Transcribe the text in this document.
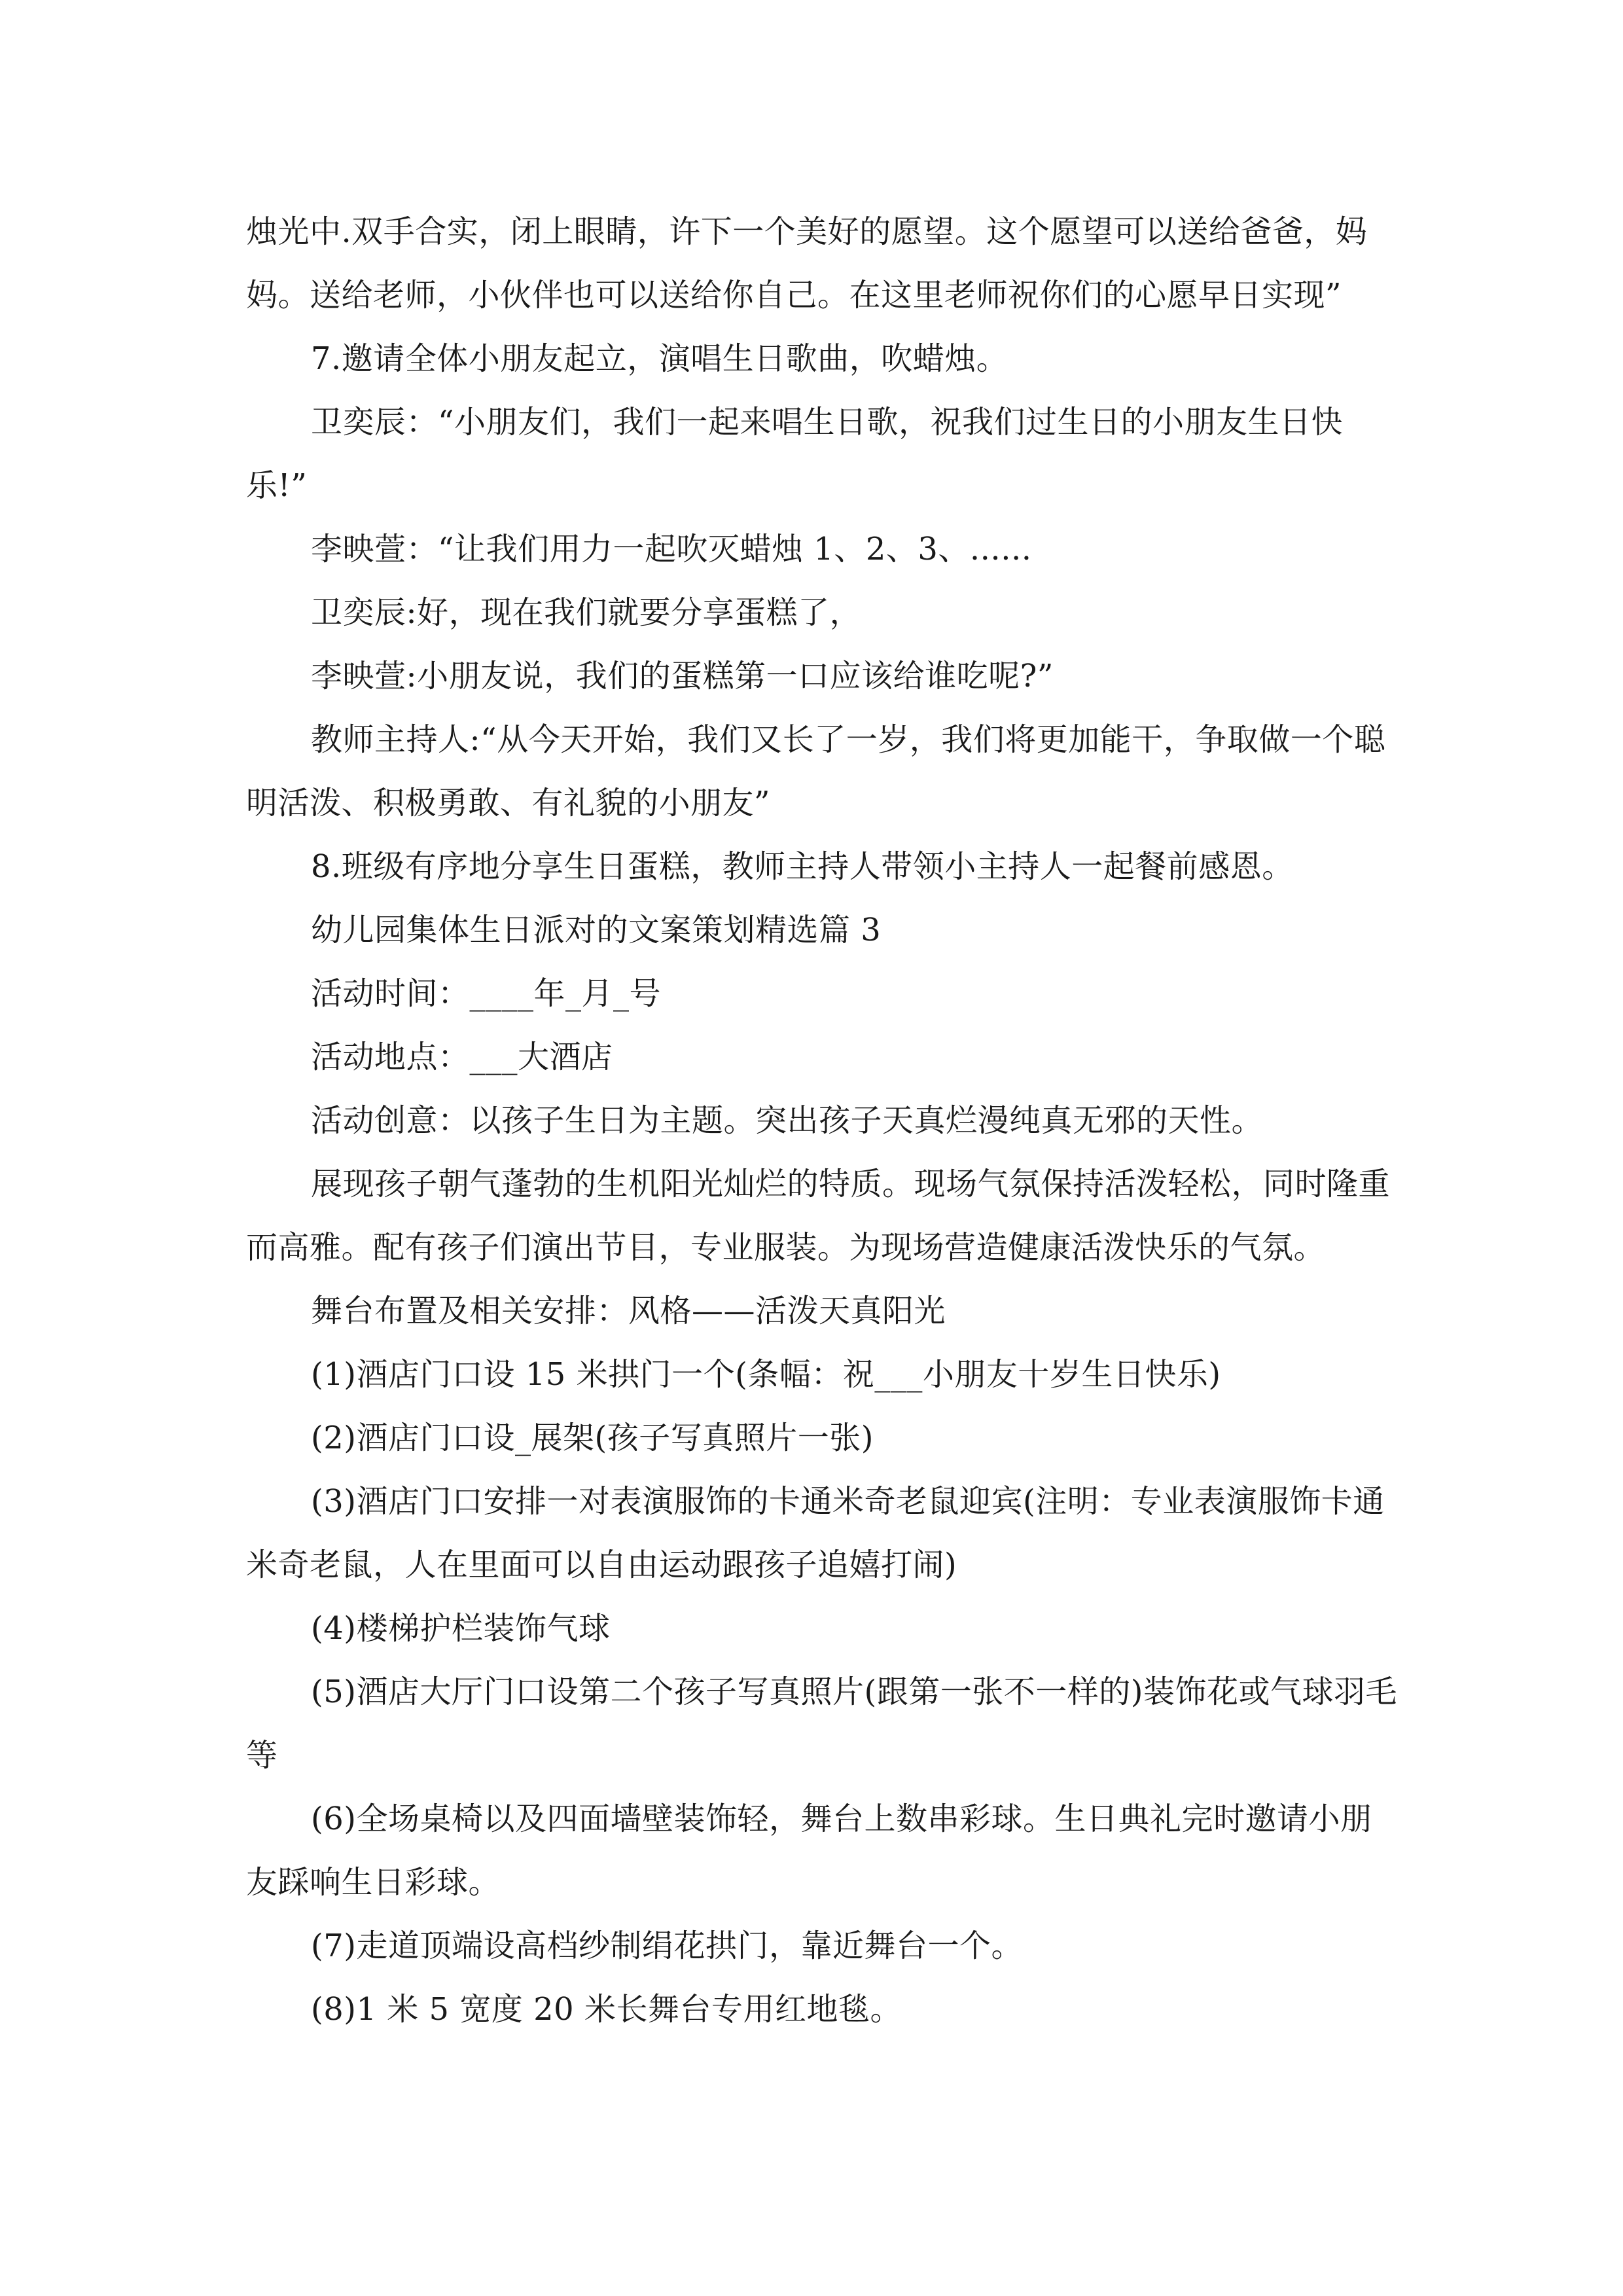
烛光中.双手合实，闭上眼睛，许下一个美好的愿望。这个愿望可以送给爸爸，妈妈。送给老师，小伙伴也可以送给你自己。在这里老师祝你们的心愿早日实现”

7.邀请全体小朋友起立，演唱生日歌曲，吹蜡烛。

卫奕辰：“小朋友们，我们一起来唱生日歌，祝我们过生日的小朋友生日快乐!”

李映萱：“让我们用力一起吹灭蜡烛 1、2、3、......

卫奕辰:好，现在我们就要分享蛋糕了，

李映萱:小朋友说，我们的蛋糕第一口应该给谁吃呢?”

教师主持人:“从今天开始，我们又长了一岁，我们将更加能干，争取做一个聪明活泼、积极勇敢、有礼貌的小朋友”

8.班级有序地分享生日蛋糕，教师主持人带领小主持人一起餐前感恩。

幼儿园集体生日派对的文案策划精选篇 3

活动时间：____年_月_号

活动地点：___大酒店

活动创意：以孩子生日为主题。突出孩子天真烂漫纯真无邪的天性。

展现孩子朝气蓬勃的生机阳光灿烂的特质。现场气氛保持活泼轻松，同时隆重而高雅。配有孩子们演出节目，专业服装。为现场营造健康活泼快乐的气氛。

舞台布置及相关安排：风格——活泼天真阳光

(1)酒店门口设 15 米拱门一个(条幅：祝___小朋友十岁生日快乐)

(2)酒店门口设_展架(孩子写真照片一张)

(3)酒店门口安排一对表演服饰的卡通米奇老鼠迎宾(注明：专业表演服饰卡通米奇老鼠，人在里面可以自由运动跟孩子追嬉打闹)

(4)楼梯护栏装饰气球

(5)酒店大厅门口设第二个孩子写真照片(跟第一张不一样的)装饰花或气球羽毛等

(6)全场桌椅以及四面墙壁装饰轻，舞台上数串彩球。生日典礼完时邀请小朋友踩响生日彩球。

(7)走道顶端设高档纱制绢花拱门，靠近舞台一个。

(8)1 米 5 宽度 20 米长舞台专用红地毯。
